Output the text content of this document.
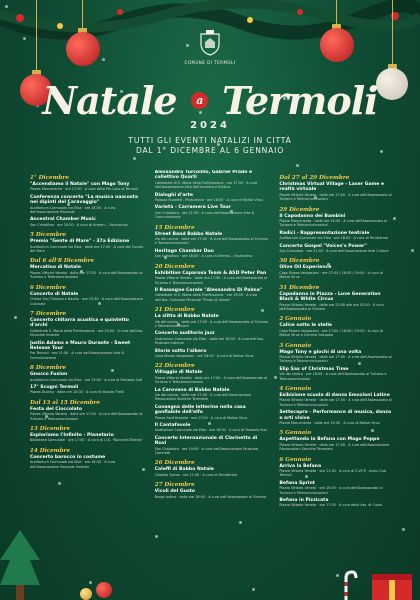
COMUNE DI TERMOLI
Natale a Termoli
2024
TUTTI GLI EVENTI NATALIZI IN CITTÀ DAL 1° DICEMBRE AL 6 GENNAIO
1° Dicembre
"Accendiamo il Natale" con Mago Tony
Piazza Monumento · ore 17:00 · A cura della Pro Loco di Termoli
Conferenza concerto "La musica nascosta nei dipinti del Caravaggio"
Auditorium Comunale via Elba · ore 18:00 · A cura dell'Associazione Musicale
Ancestral Chamber Music
San Cristoforo · ore 20:00 · A cura di Artemu - Ossicorrivo
5 Dicembre
Premio "Gente di Mare" - 37a Edizione
Auditorium Comunale via Elba · dalle ore 17:00 · A cura del Circolo del Mare
Dal 6 all'8 Dicembre
Mercatino di Natale
Piazza Vittorio Veneto · dalle ore 17:00 · A cura dell'Assessorato al Turismo e Telecomunicazioni
6 Dicembre
Concerto di Natale
Chiesa San Timoteo e Basilio · ore 19:30 · A cura dell'Associazione Culturale
7 Dicembre
Concerto chitarra acustica e quintetto d'archi
Cattedrale S. Maria della Purificazione · ore 19:00 · A cura dell'Ass. Musicale Insieme
Justin Adams e Mauro Durante - Sweet Release Tour
Pro Termoli · ore 21:00 · A cura dell'Associazione Arte & Comunicazione
8 Dicembre
Gnocco Fusion
Auditorium Comunale via Elba · ore 19:00 · A cura di Fantasia Sud
17° Scugnì Termoli
Piazza Duomo · dalle ore 10:00 · A cura di Nunzia Tirelli
Dal 13 al 15 Dicembre
Festa del Cioccolato
Piazza Vittorio Veneto · dalle ore 17:00 · A cura dell'Assessorato al Turismo e Telecomunicazioni
13 Dicembre
Esploriamo l'Infinito - Planetario
Biblioteca Comunale · ore 17:00 · A cura di I.I.S. "Boccardi-Tiberio"
14 Dicembre
Concerto barocco in costume
Auditorium Comunale via Elba · ore 18:30 · A cura dell'Associazione Musicale Insieme
Alessandro Turcolillo, Gabriel Prado e collettivo Quarti
Cattedrale di S. Maria della Purificazione · ore 17:30 · A cura dell'Associazione Arte dell'Incontro e Kcilbus
Dialoghi d'arte
Palazzo Ruzzetti - Pinacoteca · ore 18:00 · A cura di Molise Virus
Varietà - Carramera Live Tour
San Cristoforo · ore 21:00 · A cura dell'Associazione Arte & Comunicazione
15 Dicembre
Street Band Babbo Natale
Via del centro · dalle ore 17:00 · A cura dell'Assessorato al Turismo e Telecomunicazioni
Heritage Chamber Duo
San Cristoforo · ore 18:00 · A cura di Artemu - Ossicorrivo
20 Dicembre
Exhibition Caparosa Team & ASD Peter Pan
Piazza Vittorio Veneto · dalle ore 17:00 · A cura dell'Assessorato al Turismo e Telecomunicazioni
Il Rassegne Corale "Alessandro Di Palma"
Cattedrale di S. Maria della Purificazione · ore 19:00 · A cura dell'Ass. Culturale Musicale "Punto di Valore"
21 Dicembre
La slitta di Babbo Natale
Vie del centro · dalle ore 17:00 · A cura dell'Assessorato al Turismo e Telecomunicazioni
Concerto auditorio jazz
Auditorium Comunale via Elba · dalle ore 18:00 · A cura dell'Ass. Musicale Insieme
Storie sotto l'albero
Casa Museo Vespasiani · ore 18:00 · A cura di Molise Virus
22 Dicembre
Villaggio di Natale
Piazza Vittorio Veneto · dalle ore 17:00 · A cura dell'Assessorato al Turismo e Telecomunicazioni
La Carovana di Babbo Natale
Vie del centro · dalle ore 17:00 · A cura dell'Associazione Rievocazioni Storiche Termolesi
Consegna delle letterine nella casa gonfiabile dell'elfo
Piazza Sant'Antonio · ore 17:00 · A cura di Molise Virus
Il Cantafavole
Auditorium Comunale via Elba · ore 18:00 · A cura di Fantasia Sud
Concerto Internazionale di Clarinetto di Nuvi
San Cristoforo · ore 19:00 · A cura dell'Associazione Musicale Clarinetti
26 Dicembre
Caleffi di Babbo Natale
Castello Svevo · ore 11:00 · A cura di Terraferma
27 Dicembre
Vicoli del Gusto
Borgo antico · dalle ore 18:00 · A cura dell'Assessorato al Turismo
Dal 27 al 29 Dicembre
Christmas Virtual Village - Laser Game e realtà virtuale
Piazza Vittorio Veneto · dalle ore 17:00 · A cura dell'Assessorato al Turismo e Telecomunicazioni
29 Dicembre
Il Capodanno dei Bambini
Piazza Monumento · dalle ore 16:00 · A cura dell'Assessorato al Turismo e Telecomunicazioni
Radici - Rappresentazione teatrale
Auditorium Comunale via Elba · ore 18:00 · A cura di Terraferma
Concerto Gospel "Voices's Power"
San Cristoforo · ore 21:00 · A cura dell'Associazione Arte Culture
30 Dicembre
Olive Oil Experience
Casa Museo Vespasiani · ore 17:00 / 18:00 / 19:00 · A cura di Molise Virus
31 Dicembre
Capodanno in Piazza - Love Generation Black & White Circus
Piazza Vittorio Veneto · dalle ore 22:00 alle ore 02:00 · A cura dell'Assessorato al Turismo
2 Gennaio
Calice sotto le stelle
Casa Museo Vespasiani · ore 17:00 / 18:00 / 19:00 · A cura di Molise Virus e Cantine Gacagna
3 Gennaio
Mago Tony e giochi di una volta
Piazza Vittorio Veneto · dalle ore 17:00 · A cura dell'Assessorato al Turismo e Telecomunicazioni
Elip Sax of Christmas Time
Vie del centro · ore 18:00 · A cura dell'Assessorato al Turismo e Telecomunicazioni
4 Gennaio
Esibizione scuola di danza Emozioni Latine
Piazza Vittorio Veneto · dalle ore 17:00 · A cura dell'Assessorato al Turismo e Telecomunicazioni
Settecapra - Performance di musica, danza e arti visive
Piazza Monumento · dalle ore 19:00 · A cura di Molise Virus
5 Gennaio
Aspettando la Befana con Mago Peppe
Piazza Vittorio Veneto · dalle ore 17:00 · A cura dell'Associazione Rievocazioni Storiche Termolesi
6 Gennaio
Arriva la Befana
Piazza Vittorio Veneto · ore 11:30 · A cura di S.V.F.P., Liceo Club Termoli
Befana Sprint
Piazza Vittorio Veneto · ore 15:00 · A cura dell'Assessorato al Turismo e Telecomunicazioni
Befana in Pizzicata
Piazza Vittorio Veneto · ore 17:30 · A cura della Ass. di Cuola
